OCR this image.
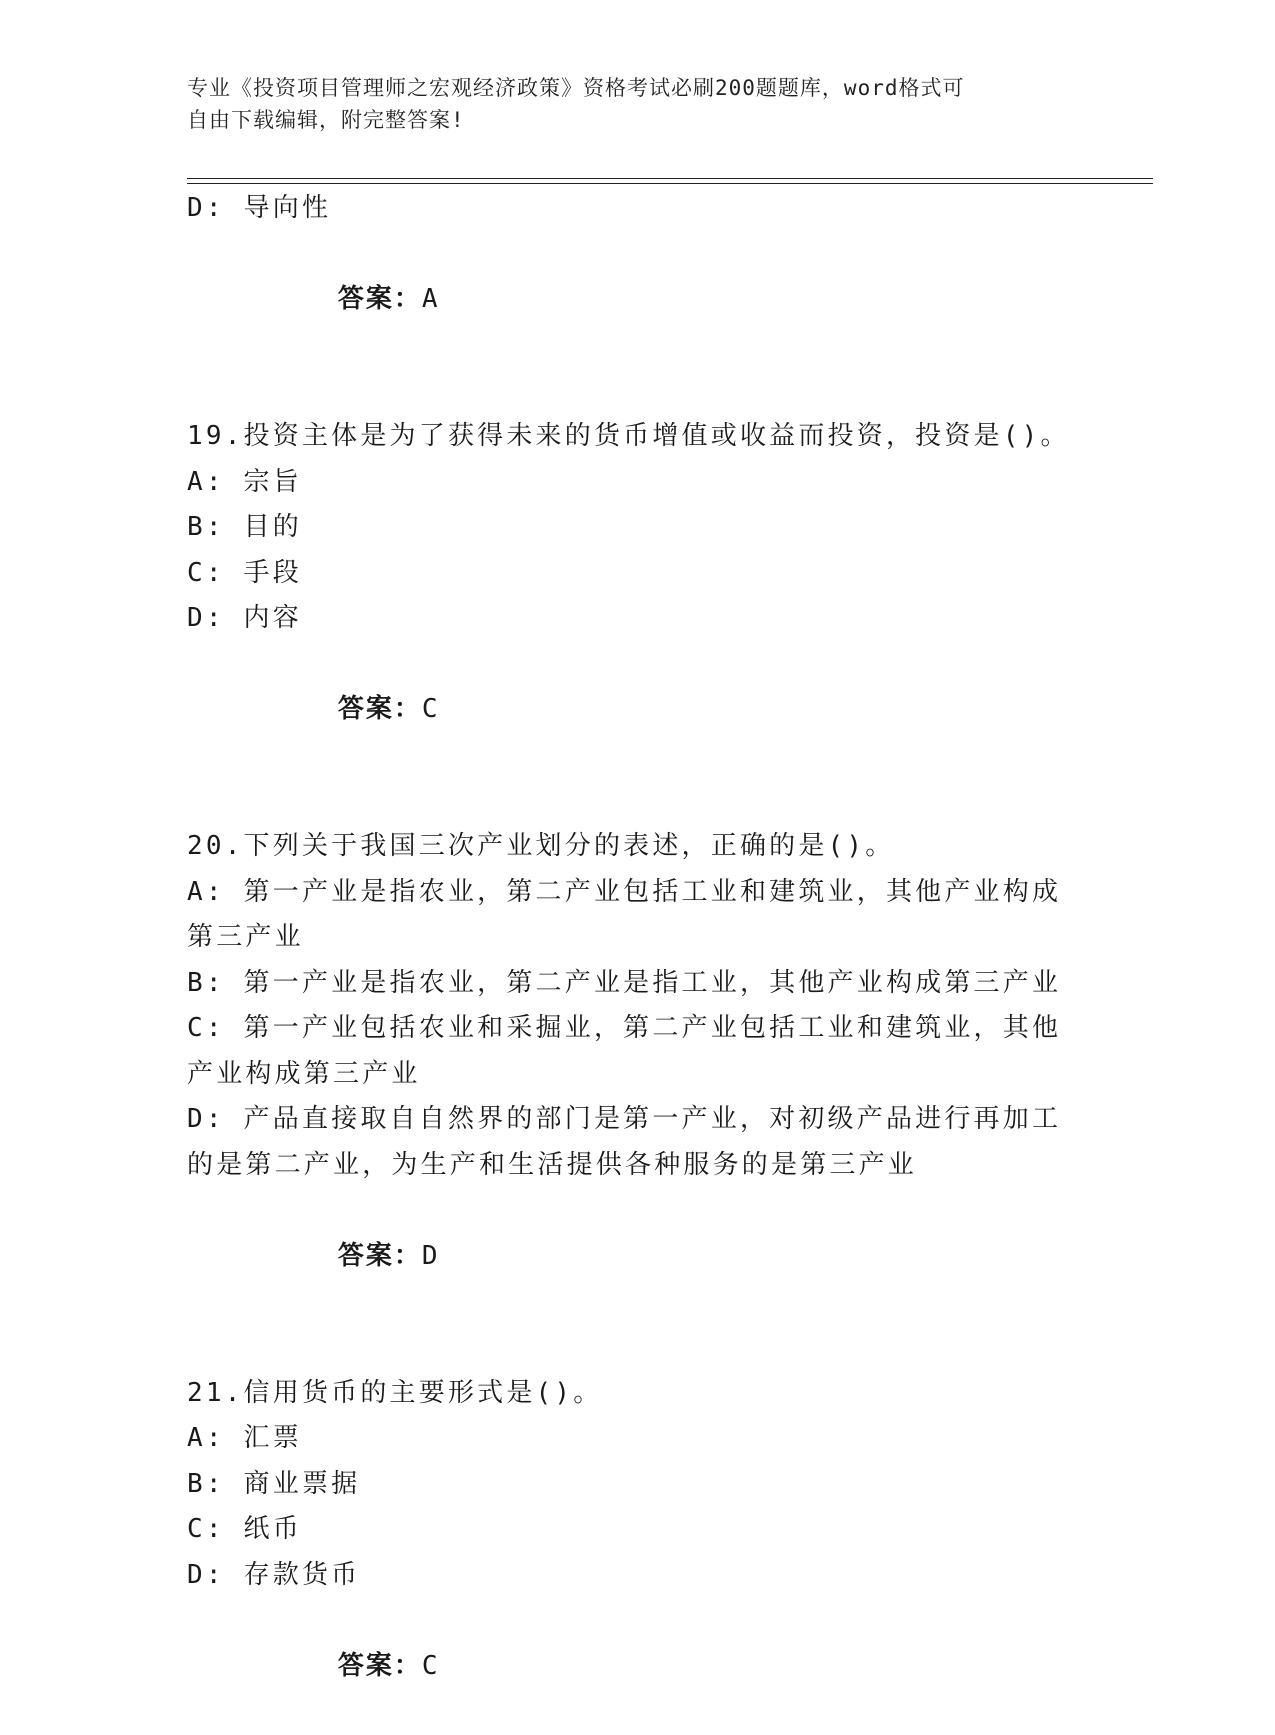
专业《投资项目管理师之宏观经济政策》资格考试必刷200题题库，word格式可
自由下载编辑，附完整答案!
D: 导向性

答案：A

19.投资主体是为了获得未来的货币增值或收益而投资，投资是()。
A: 宗旨
B: 目的
C: 手段
D: 内容

答案：C

20.下列关于我国三次产业划分的表述，正确的是()。
A: 第一产业是指农业，第二产业包括工业和建筑业，其他产业构成第三产业
B: 第一产业是指农业，第二产业是指工业，其他产业构成第三产业
C: 第一产业包括农业和采掘业，第二产业包括工业和建筑业，其他产业构成第三产业
D: 产品直接取自自然界的部门是第一产业，对初级产品进行再加工的是第二产业，为生产和生活提供各种服务的是第三产业

答案：D

21.信用货币的主要形式是()。
A: 汇票
B: 商业票据
C: 纸币
D: 存款货币

答案：C
